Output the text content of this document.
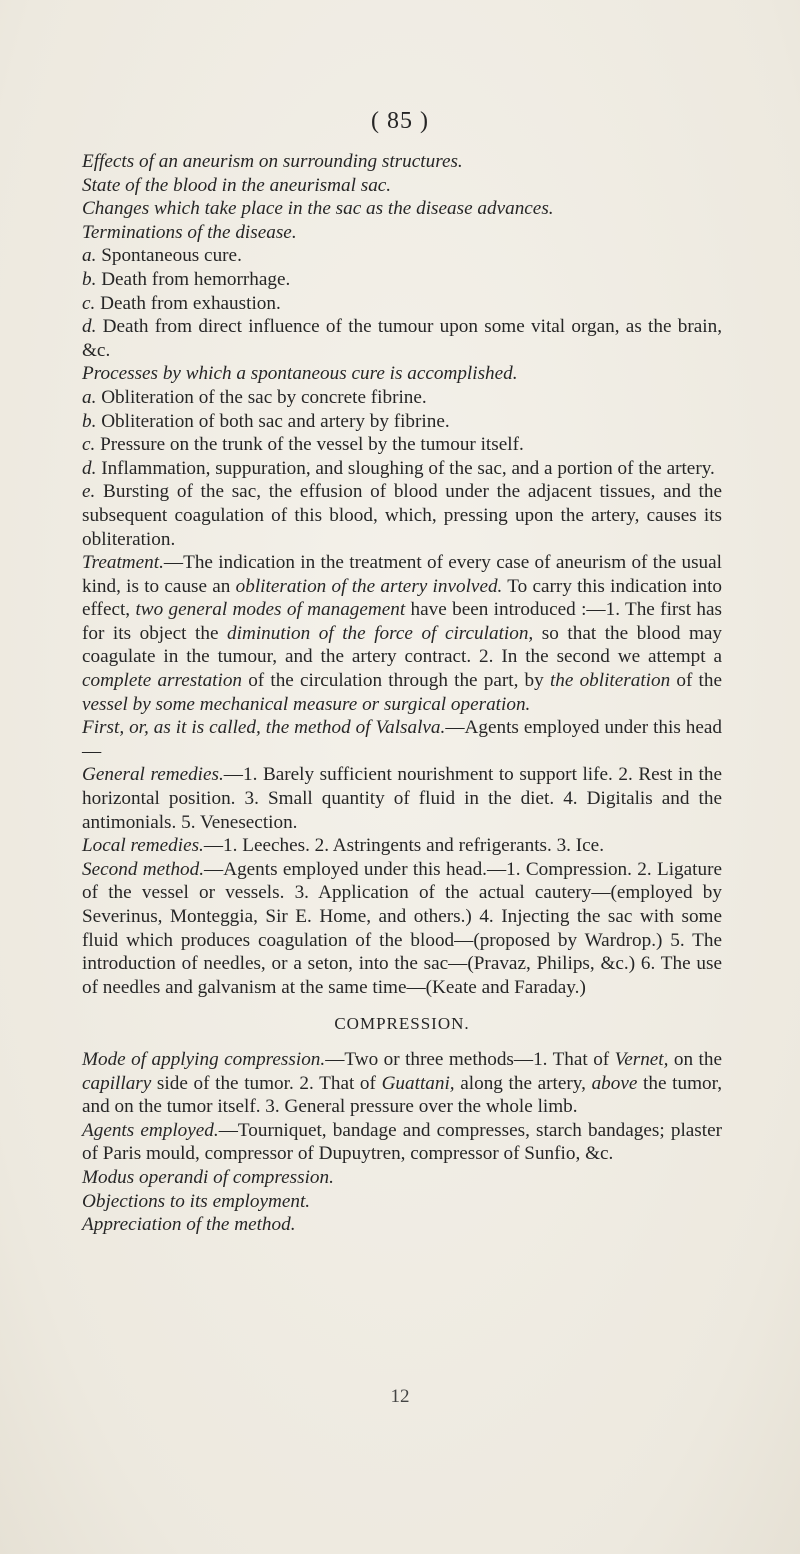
( 85 )

Effects of an aneurism on surrounding structures.

State of the blood in the aneurismal sac.

Changes which take place in the sac as the disease advances.

Terminations of the disease.

a. Spontaneous cure.

b. Death from hemorrhage.

c. Death from exhaustion.

d. Death from direct influence of the tumour upon some vital organ, as the brain, &c.

Processes by which a spontaneous cure is accomplished.

a. Obliteration of the sac by concrete fibrine.

b. Obliteration of both sac and artery by fibrine.

c. Pressure on the trunk of the vessel by the tumour itself.

d. Inflammation, suppuration, and sloughing of the sac, and a portion of the artery.

e. Bursting of the sac, the effusion of blood under the adjacent tissues, and the subsequent coagulation of this blood, which, pressing upon the artery, causes its obliteration.

Treatment.—The indication in the treatment of every case of aneurism of the usual kind, is to cause an obliteration of the artery involved. To carry this indication into effect, two general modes of management have been introduced :—1. The first has for its object the diminution of the force of circulation, so that the blood may coagulate in the tumour, and the artery contract. 2. In the second we attempt a complete arrestation of the circulation through the part, by the obliteration of the vessel by some mechanical measure or surgical operation.

First, or, as it is called, the method of Valsalva.—Agents employed under this head—

General remedies.—1. Barely sufficient nourishment to support life. 2. Rest in the horizontal position. 3. Small quantity of fluid in the diet. 4. Digitalis and the antimonials. 5. Venesection.

Local remedies.—1. Leeches. 2. Astringents and refrigerants. 3. Ice.

Second method.—Agents employed under this head.—1. Compression. 2. Ligature of the vessel or vessels. 3. Application of the actual cautery—(employed by Severinus, Monteggia, Sir E. Home, and others.) 4. Injecting the sac with some fluid which produces coagulation of the blood—(proposed by Wardrop.) 5. The introduction of needles, or a seton, into the sac—(Pravaz, Philips, &c.) 6. The use of needles and galvanism at the same time—(Keate and Faraday.)

COMPRESSION.

Mode of applying compression.—Two or three methods—1. That of Vernet, on the capillary side of the tumor. 2. That of Guattani, along the artery, above the tumor, and on the tumor itself. 3. General pressure over the whole limb.

Agents employed.—Tourniquet, bandage and compresses, starch bandages; plaster of Paris mould, compressor of Dupuytren, compressor of Sunfio, &c.

Modus operandi of compression.

Objections to its employment.

Appreciation of the method.

12
